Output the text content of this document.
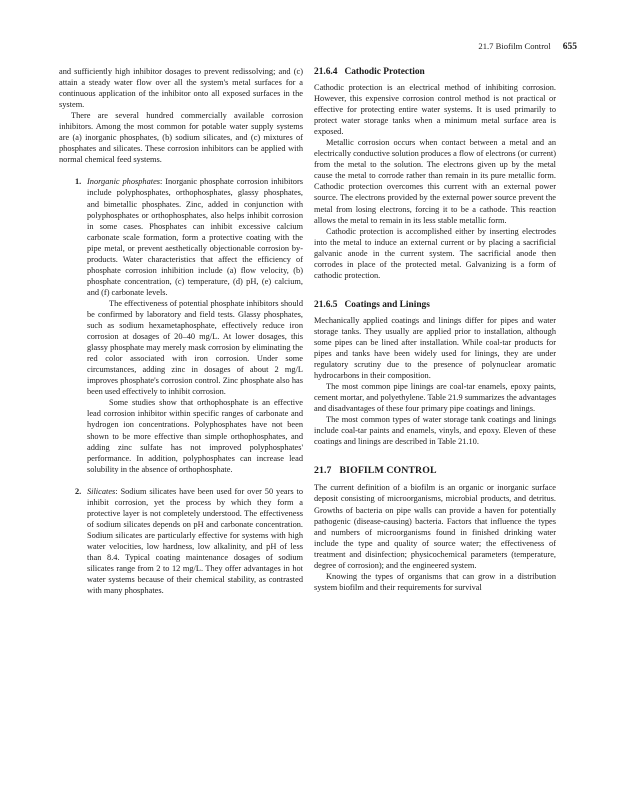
21.7 Biofilm Control 655

and sufficiently high inhibitor dosages to prevent redissolving; and (c) attain a steady water flow over all the system's metal surfaces for a continuous application of the inhibitor onto all exposed surfaces in the system.

There are several hundred commercially available corrosion inhibitors. Among the most common for potable water supply systems are (a) inorganic phosphates, (b) sodium silicates, and (c) mixtures of phosphates and silicates. These corrosion inhibitors can be applied with normal chemical feed systems.

1. Inorganic phosphates: Inorganic phosphate corrosion inhibitors include polyphosphates, orthophosphates, glassy phosphates, and bimetallic phosphates. Zinc, added in conjunction with polyphosphates or orthophosphates, also helps inhibit corrosion in some cases. Phosphates can inhibit excessive calcium carbonate scale formation, form a protective coating with the pipe metal, or prevent aesthetically objectionable corrosion by-products. Water characteristics that affect the efficiency of phosphate corrosion inhibition include (a) flow velocity, (b) phosphate concentration, (c) temperature, (d) pH, (e) calcium, and (f) carbonate levels.

The effectiveness of potential phosphate inhibitors should be confirmed by laboratory and field tests. Glassy phosphates, such as sodium hexametaphosphate, effectively reduce iron corrosion at dosages of 20–40 mg/L. At lower dosages, this glassy phosphate may merely mask corrosion by eliminating the red color associated with iron corrosion. Under some circumstances, adding zinc in dosages of about 2 mg/L improves phosphate's corrosion control. Zinc phosphate also has been used effectively to inhibit corrosion.

Some studies show that orthophosphate is an effective lead corrosion inhibitor within specific ranges of carbonate and hydrogen ion concentrations. Polyphosphates have not been shown to be more effective than simple orthophosphates, and adding zinc sulfate has not improved polyphosphates' performance. In addition, polyphosphates can increase lead solubility in the absence of orthophosphate.

2. Silicates: Sodium silicates have been used for over 50 years to inhibit corrosion, yet the process by which they form a protective layer is not completely understood. The effectiveness of sodium silicates depends on pH and carbonate concentration. Sodium silicates are particularly effective for systems with high water velocities, low hardness, low alkalinity, and pH of less than 8.4. Typical coating maintenance dosages of sodium silicates range from 2 to 12 mg/L. They offer advantages in hot water systems because of their chemical stability, as contrasted with many phosphates.

21.6.4 Cathodic Protection

Cathodic protection is an electrical method of inhibiting corrosion. However, this expensive corrosion control method is not practical or effective for protecting entire water systems. It is used primarily to protect water storage tanks when a minimum metal surface area is exposed.

Metallic corrosion occurs when contact between a metal and an electrically conductive solution produces a flow of electrons (or current) from the metal to the solution. The electrons given up by the metal cause the metal to corrode rather than remain in its pure metallic form. Cathodic protection overcomes this current with an external power source. The electrons provided by the external power source prevent the metal from losing electrons, forcing it to be a cathode. This reaction allows the metal to remain in its less stable metallic form.

Cathodic protection is accomplished either by inserting electrodes into the metal to induce an external current or by placing a sacrificial galvanic anode in the current system. The sacrificial anode then corrodes in place of the protected metal. Galvanizing is a form of cathodic protection.

21.6.5 Coatings and Linings

Mechanically applied coatings and linings differ for pipes and water storage tanks. They usually are applied prior to installation, although some pipes can be lined after installation. While coal-tar products for pipes and tanks have been widely used for linings, they are under regulatory scrutiny due to the presence of polynuclear aromatic hydrocarbons in their composition.

The most common pipe linings are coal-tar enamels, epoxy paints, cement mortar, and polyethylene. Table 21.9 summarizes the advantages and disadvantages of these four primary pipe coatings and linings.

The most common types of water storage tank coatings and linings include coal-tar paints and enamels, vinyls, and epoxy. Eleven of these coatings and linings are described in Table 21.10.

21.7 BIOFILM CONTROL

The current definition of a biofilm is an organic or inorganic surface deposit consisting of microorganisms, microbial products, and detritus. Growths of bacteria on pipe walls can provide a haven for potentially pathogenic (disease-causing) bacteria. Factors that influence the types and numbers of microorganisms found in finished drinking water include the type and quality of source water; the effectiveness of treatment and disinfection; physicochemical parameters (temperature, degree of corrosion); and the engineered system.

Knowing the types of organisms that can grow in a distribution system biofilm and their requirements for survival
